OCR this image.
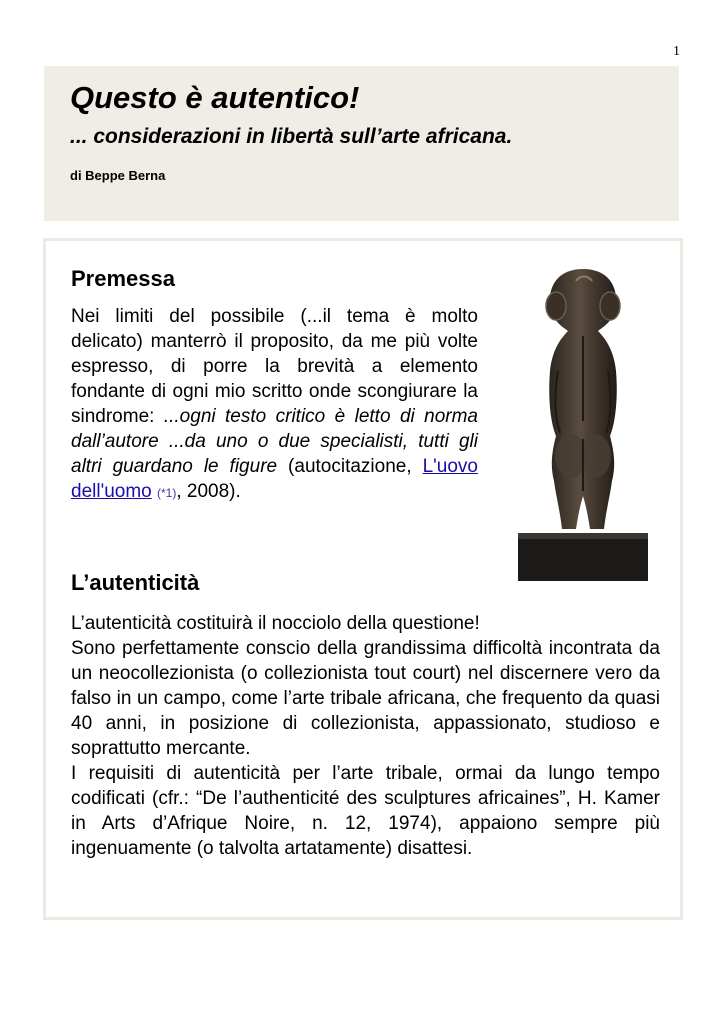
1
Questo è autentico!

... considerazioni in libertà sull’arte africana.

di Beppe Berna

Premessa

Nei limiti del possibile (...il tema è molto delicato) manterrò il proposito, da me più volte espresso, di porre la brevità a elemento fondante di ogni mio scritto onde scongiurare la sindrome: ...ogni testo critico è letto di norma dall’autore ...da uno o due specialisti, tutti gli altri guardano le figure (autocitazione, L'uovo dell'uomo (*1), 2008).

L’autenticità

L’autenticità costituirà il nocciolo della questione!
Sono perfettamente conscio della grandissima difficoltà incontrata da un neocollezionista (o collezionista tout court) nel discernere vero da falso in un campo, come l’arte tribale africana, che frequento da quasi 40 anni, in posizione di collezionista, appassionato, studioso e soprattutto mercante.
I requisiti di autenticità per l’arte tribale, ormai da lungo tempo codificati (cfr.: “De l’authenticité des sculptures africaines”, H. Kamer in Arts d’Afrique Noire, n. 12, 1974), appaiono sempre più ingenuamente (o talvolta artatamente) disattesi.
